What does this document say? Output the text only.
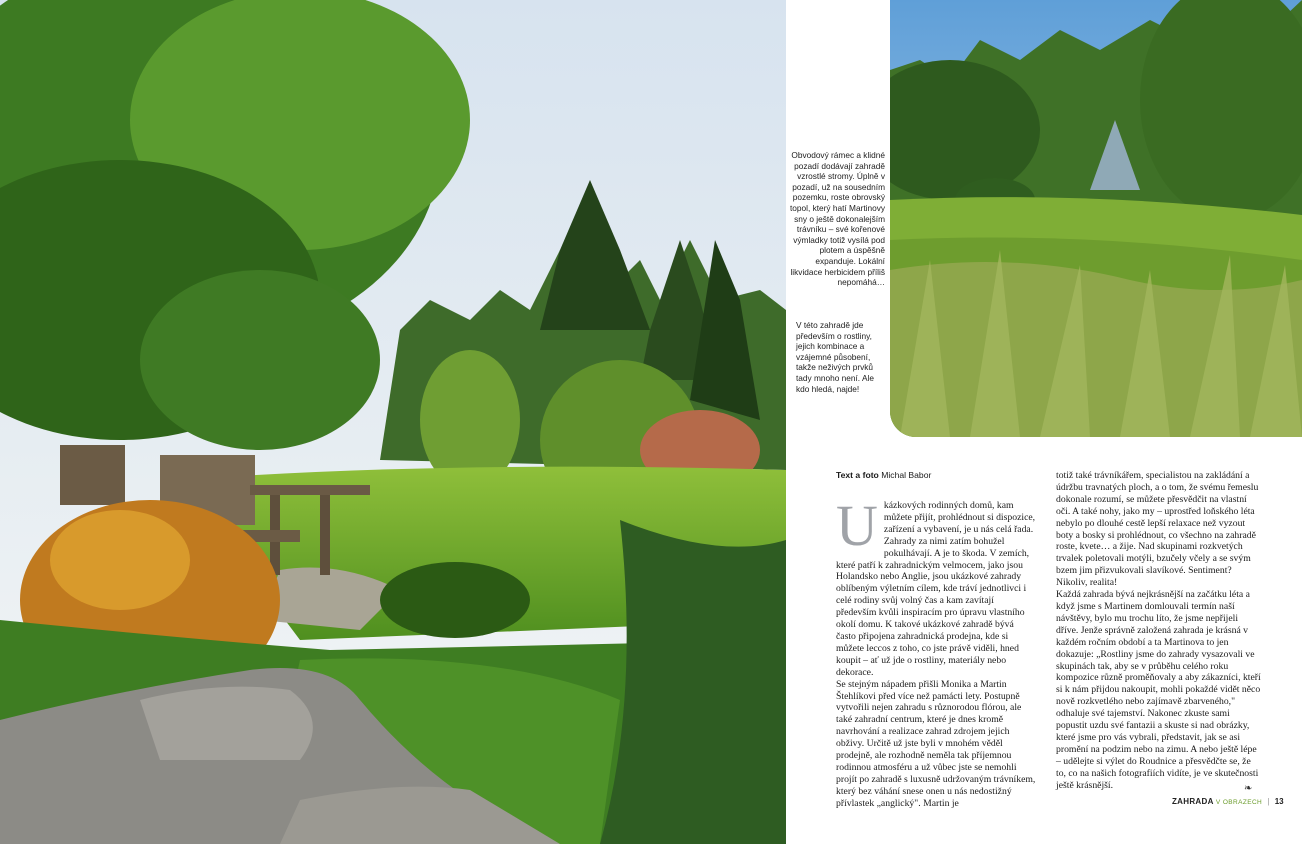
Obvodový rámec a klidné pozadí dodávají zahradě vzrostlé stromy. Úplně v pozadí, už na sousedním pozemku, roste obrovský topol, který hatí Martinovy sny o ještě dokonalejším trávníku – své kořenové výmladky totiž vysílá pod plotem a úspěšně expanduje. Lokální likvidace herbicidem příliš nepomáhá…

V této zahradě jde především o rostliny, jejich kombinace a vzájemné působení, takže neživých prvků tady mnoho není. Ale kdo hledá, najde!

Text a foto Michal Babor

U kázkových rodinných domů, kam můžete přijít, prohlédnout si dispozice, zařízení a vybavení, je u nás celá řada. Zahrady za nimi zatím bohužel pokulhávají. A je to škoda. V zemích, které patří k zahradnickým velmocem, jako jsou Holandsko nebo Anglie, jsou ukázkové zahrady oblíbeným výletním cílem, kde tráví jednotlivci i celé rodiny svůj volný čas a kam zavítají především kvůli inspiracím pro úpravu vlastního okolí domu. K takové ukázkové zahradě bývá často připojena zahradnická prodejna, kde si můžete leccos z toho, co jste právě viděli, hned koupit – ať už jde o rostliny, materiály nebo dekorace.

Se stejným nápadem přišli Monika a Martin Štehlíkovi před více než pamácti lety. Postupně vytvořili nejen zahradu s různorodou flórou, ale také zahradní centrum, které je dnes kromě navrhování a realizace zahrad zdrojem jejich obživy. Určitě už jste byli v mnohém věděl prodejně, ale rozhodně neměla tak příjemnou rodinnou atmosféru a už vůbec jste se nemohli projít po zahradě s luxusně udržovaným trávníkem, který bez váhání snese onen u nás nedostižný přívlastek „anglický". Martin je

totiž také trávníkářem, specialistou na zakládání a údržbu travnatých ploch, a o tom, že svému řemeslu dokonale rozumí, se můžete přesvědčit na vlastní oči. A také nohy, jako my – uprostřed loňského léta nebylo po dlouhé cestě lepší relaxace než vyzout boty a bosky si prohlédnout, co všechno na zahradě roste, kvete… a žije. Nad skupinami rozkvetých trvalek poletovali motýli, bzučely včely a se svým bzem jim přizvukovali slavíkové. Sentiment? Nikoliv, realita!

Každá zahrada bývá nejkrásnější na začátku léta a když jsme s Martinem domlouvali termín naší návštěvy, bylo mu trochu líto, že jsme nepřijeli dříve. Jenže správně založená zahrada je krásná v každém ročním období a ta Martinova to jen dokazuje: „Rostliny jsme do zahrady vysazovali ve skupinách tak, aby se v průběhu celého roku kompozice různě proměňovaly a aby zákazníci, kteří si k nám přijdou nakoupit, mohli pokaždé vidět něco nově rozkvetlého nebo zajímavě zbarveného," odhaluje své tajemství. Nakonec zkuste sami popustit uzdu své fantazii a skuste si nad obrázky, které jsme pro vás vybrali, představit, jak se asi promění na podzim nebo na zimu. A nebo ještě lépe – udělejte si výlet do Roudnice a přesvědčte se, že to, co na našich fotografiích vidíte, je ve skutečnosti ještě krásnější.	❧
ZAHRADA V OBRAZECH | 13
